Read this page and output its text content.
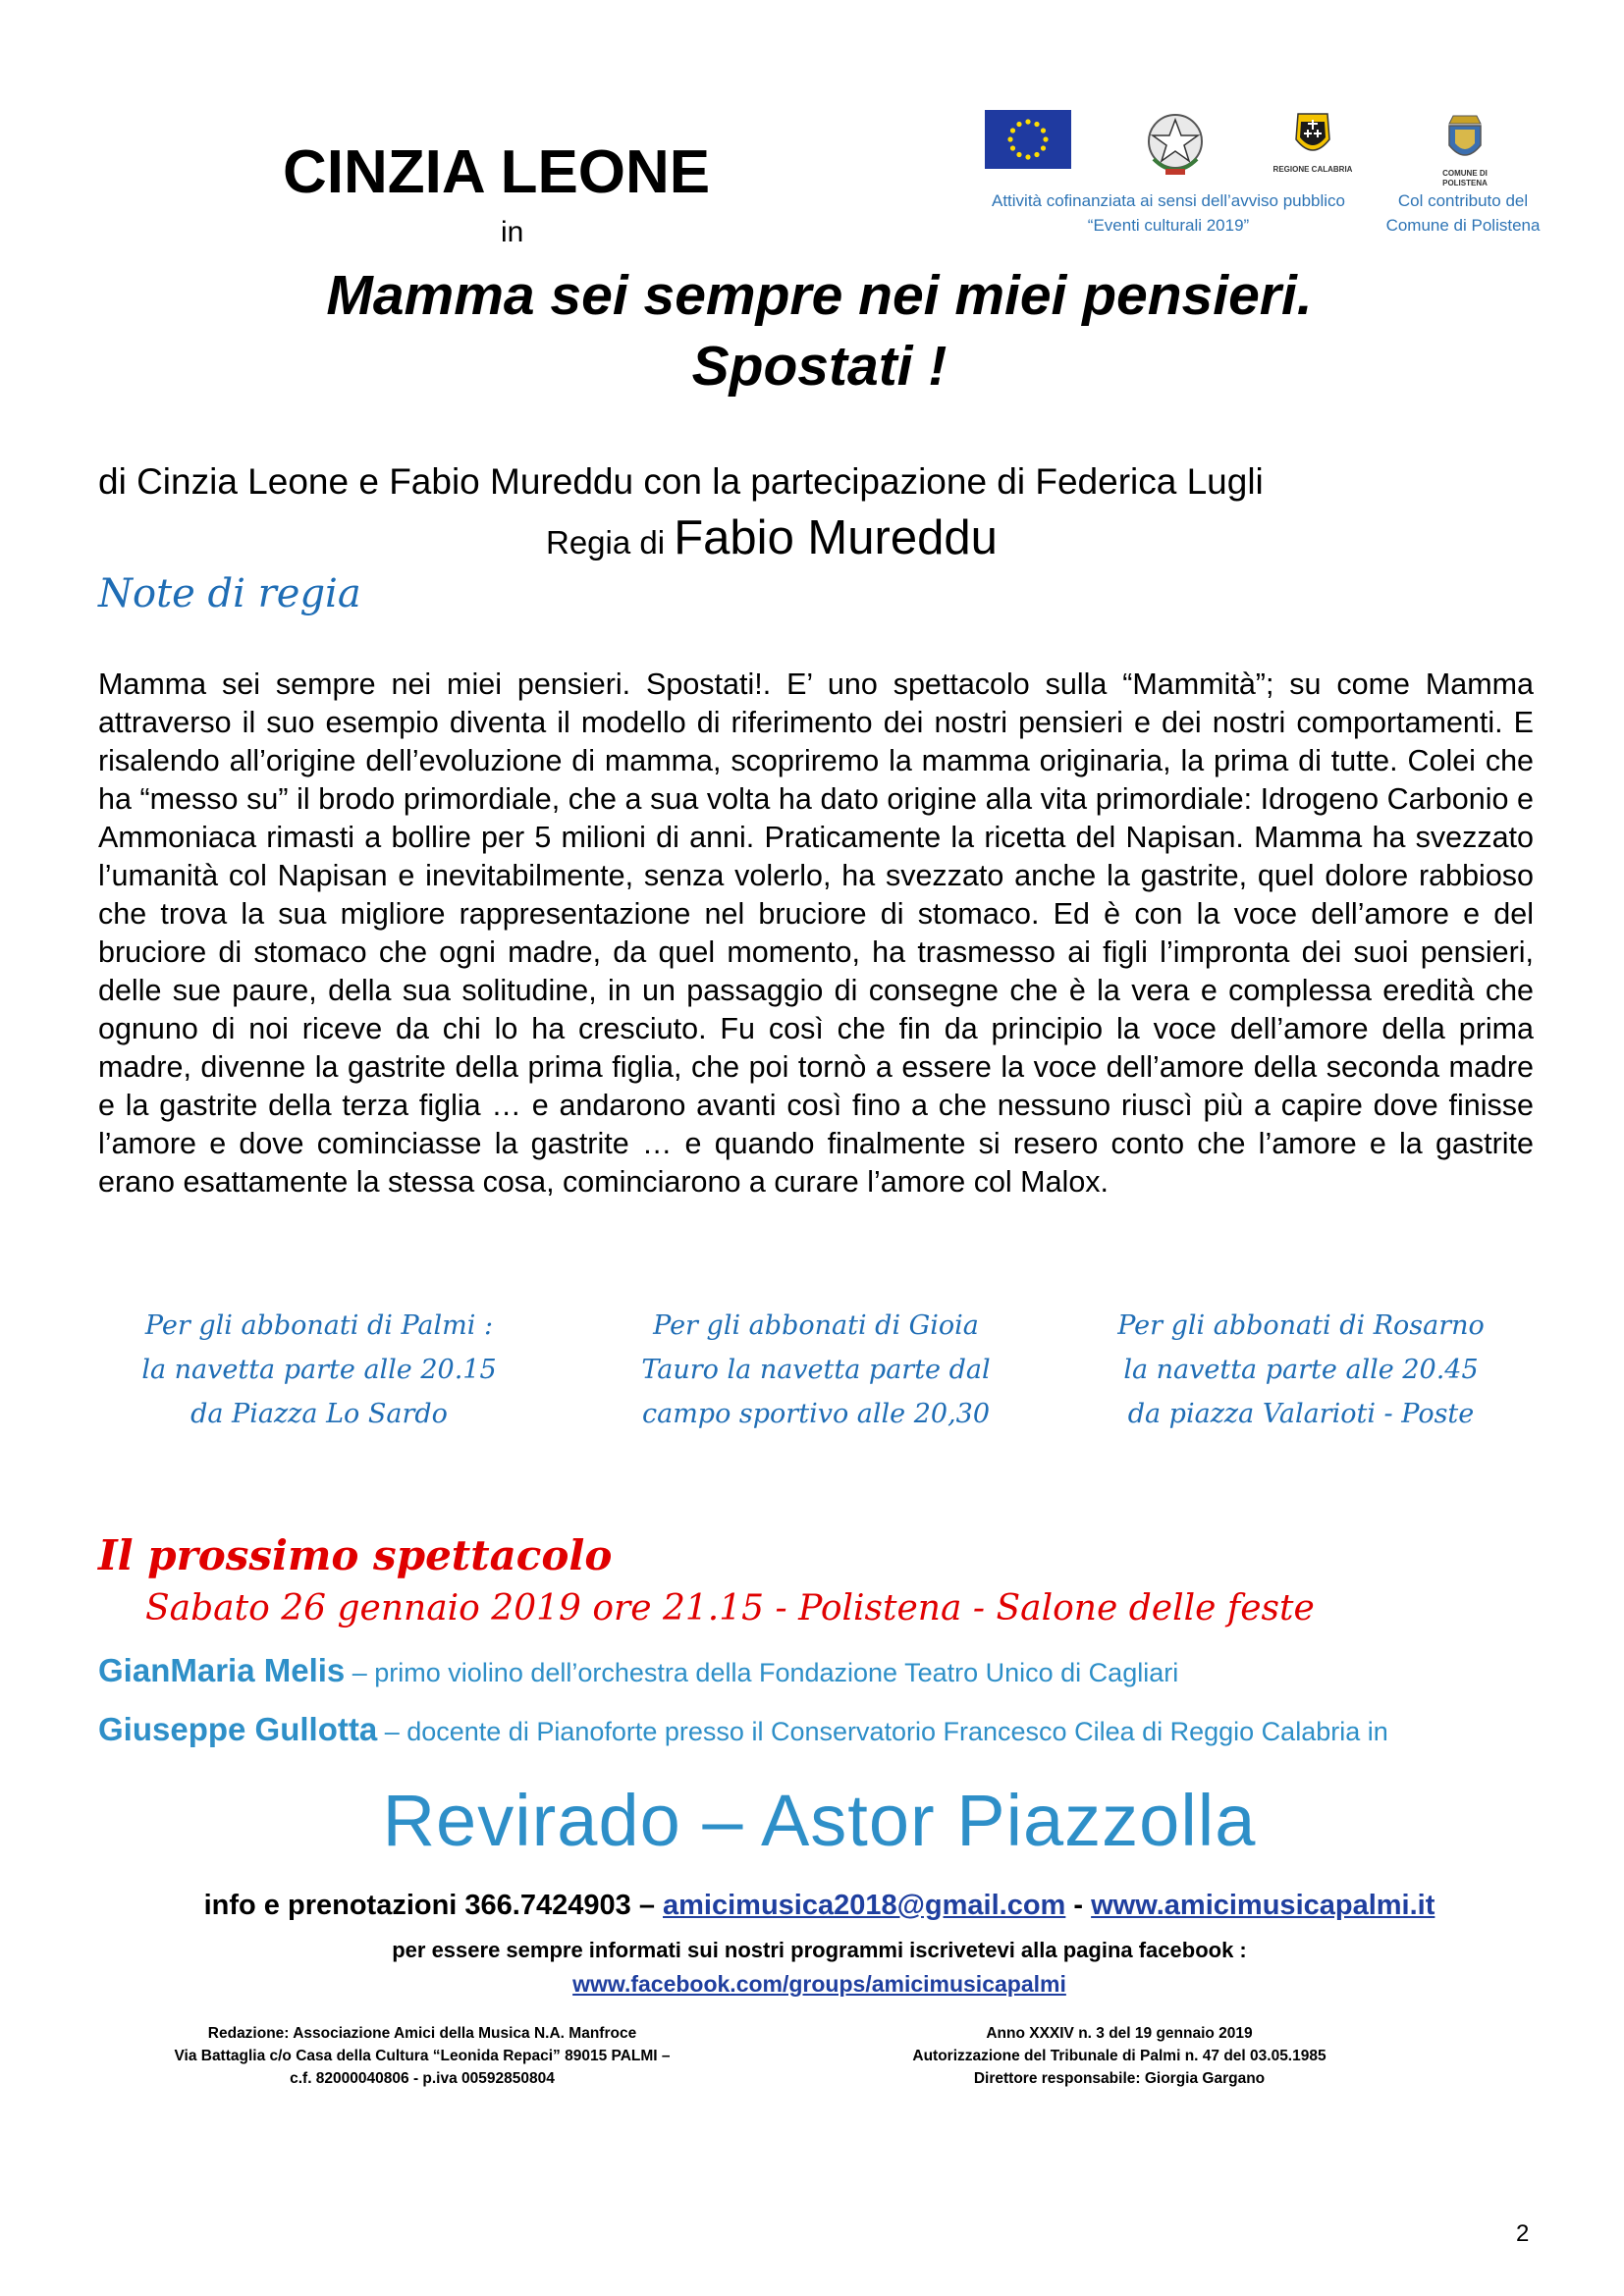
CINZIA LEONE
in
Mamma sei sempre nei miei pensieri.
Spostati !
REGIONE CALABRIA	COMUNE DI
POLISTENA
Attività cofinanziata ai sensi dell’avviso pubblico
“Eventi culturali 2019”
Col contributo del
Comune di Polistena
di Cinzia Leone e Fabio Mureddu con la partecipazione di Federica Lugli
Regia di Fabio Mureddu
Note di regia
Mamma sei sempre nei miei pensieri. Spostati!. E’ uno spettacolo sulla “Mammità”; su come Mamma attraverso il suo esempio diventa il modello di riferimento dei nostri pensieri e dei nostri comportamenti. E risalendo all’origine dell’evoluzione di mamma, scopriremo la mamma originaria, la prima di tutte. Colei che ha “messo su” il brodo primordiale, che a sua volta ha dato origine alla vita primordiale: Idrogeno Carbonio e Ammoniaca rimasti a bollire per 5 milioni di anni. Praticamente la ricetta del Napisan. Mamma ha svezzato l’umanità col Napisan e inevitabilmente, senza volerlo, ha svezzato anche la gastrite, quel dolore rabbioso che trova la sua migliore rappresentazione nel bruciore di stomaco. Ed è con la voce dell’amore e del bruciore di stomaco che ogni madre, da quel momento, ha trasmesso ai figli l’impronta dei suoi pensieri, delle sue paure, della sua solitudine, in un passaggio di consegne che è la vera e complessa eredità che ognuno di noi riceve da chi lo ha cresciuto. Fu così che fin da principio la voce dell’amore della prima madre, divenne la gastrite della prima figlia, che poi tornò a essere la voce dell’amore della seconda madre e la gastrite della terza figlia … e andarono avanti così fino a che nessuno riuscì più a capire dove finisse l’amore e dove cominciasse la gastrite … e quando finalmente si resero conto che l’amore e la gastrite erano esattamente la stessa cosa, cominciarono a curare l’amore col Malox.
Per gli abbonati di Palmi :
la navetta parte alle 20.15
da Piazza Lo Sardo
Per gli abbonati di Gioia
Tauro la navetta parte dal
campo sportivo alle 20,30
Per gli abbonati di Rosarno
la navetta parte alle 20.45
da piazza Valarioti - Poste
Il prossimo spettacolo
Sabato 26 gennaio 2019 ore 21.15 - Polistena - Salone delle feste
GianMaria Melis – primo violino dell’orchestra della Fondazione Teatro Unico di Cagliari
Giuseppe Gullotta – docente di Pianoforte presso il Conservatorio Francesco Cilea di Reggio Calabria in
Revirado – Astor Piazzolla
info e prenotazioni 366.7424903 – amicimusica2018@gmail.com - www.amicimusicapalmi.it
per essere sempre informati sui nostri programmi iscrivetevi alla pagina facebook :
www.facebook.com/groups/amicimusicapalmi
Redazione: Associazione Amici della Musica N.A. Manfroce
Via Battaglia c/o Casa della Cultura “Leonida Repaci” 89015 PALMI –
c.f. 82000040806 - p.iva 00592850804
Anno XXXIV n. 3 del 19 gennaio 2019
Autorizzazione del Tribunale di Palmi n. 47 del 03.05.1985
Direttore responsabile: Giorgia Gargano
2
